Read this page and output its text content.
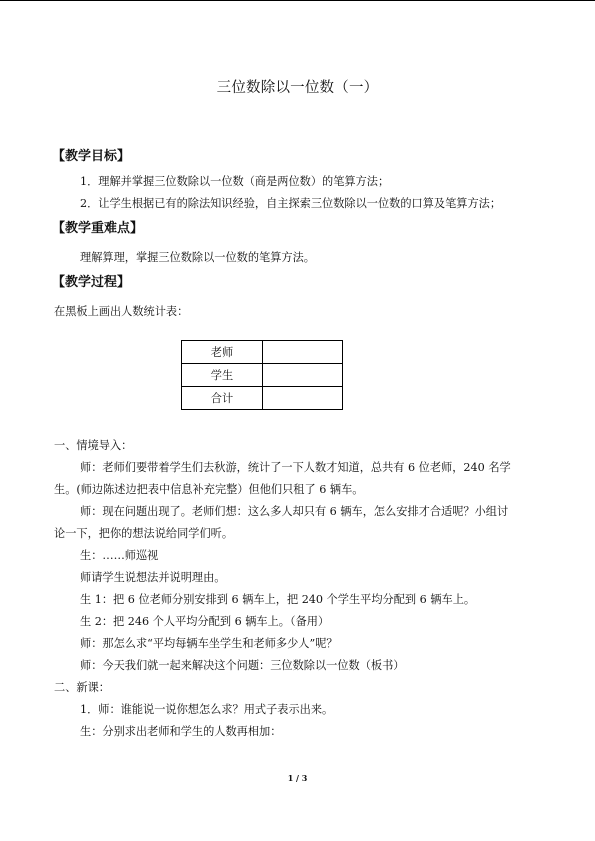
三位数除以一位数（一）
【教学目标】
1．理解并掌握三位数除以一位数（商是两位数）的笔算方法；
2．让学生根据已有的除法知识经验，自主探索三位数除以一位数的口算及笔算方法；
【教学重难点】
理解算理，掌握三位数除以一位数的笔算方法。
【教学过程】
在黑板上画出人数统计表：
老师	
学生	
合计	
一、情境导入：
师：老师们要带着学生们去秋游，统计了一下人数才知道，总共有 6 位老师，240 名学
生。(师边陈述边把表中信息补充完整）但他们只租了 6 辆车。
师：现在问题出现了。老师们想：这么多人却只有 6 辆车，怎么安排才合适呢？小组讨
论一下，把你的想法说给同学们听。
生：……师巡视
师请学生说想法并说明理由。
生 1：把 6 位老师分别安排到 6 辆车上，把 240 个学生平均分配到 6 辆车上。
生 2：把 246 个人平均分配到 6 辆车上。（备用）
师：那怎么求“平均每辆车坐学生和老师多少人”呢？
师：今天我们就一起来解决这个问题：三位数除以一位数（板书）
二、新课：
1．师：谁能说一说你想怎么求？用式子表示出来。
生：分别求出老师和学生的人数再相加：
1 / 3
